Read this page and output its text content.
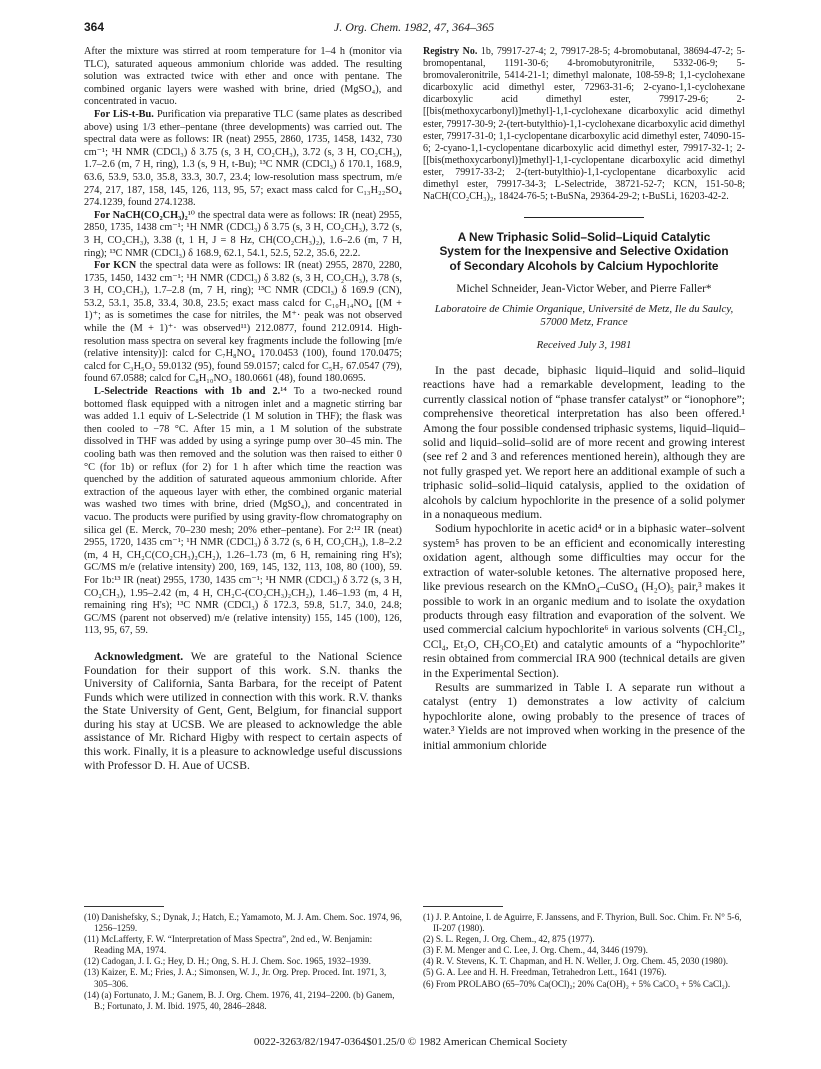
364	J. Org. Chem. 1982, 47, 364–365

After the mixture was stirred at room temperature for 1–4 h (monitor via TLC), saturated aqueous ammonium chloride was added. The resulting solution was extracted twice with ether and once with pentane. The combined organic layers were washed with brine, dried (MgSO₄), and concentrated in vacuo.

For LiS-t-Bu. Purification via preparative TLC (same plates as described above) using 1/3 ether–pentane (three developments) was carried out. The spectral data were as follows: IR (neat) 2955, 2860, 1735, 1458, 1432, 730 cm⁻¹; ¹H NMR (CDCl₃) δ 3.75 (s, 3 H, CO₂CH₃), 3.72 (s, 3 H, CO₂CH₃), 1.7–2.6 (m, 7 H, ring), 1.3 (s, 9 H, t-Bu); ¹³C NMR (CDCl₃) δ 170.1, 168.9, 63.6, 53.9, 53.0, 35.8, 33.3, 30.7, 23.4; low-resolution mass spectrum, m/e 274, 217, 187, 158, 145, 126, 113, 95, 57; exact mass calcd for C₁₃H₂₂SO₄ 274.1239, found 274.1238.

For NaCH(CO₂CH₃)₂¹⁰ the spectral data were as follows: IR (neat) 2955, 2850, 1735, 1438 cm⁻¹; ¹H NMR (CDCl₃) δ 3.75 (s, 3 H, CO₂CH₃), 3.72 (s, 3 H, CO₂CH₃), 3.38 (t, 1 H, J = 8 Hz, CH(CO₂CH₃)₂), 1.6–2.6 (m, 7 H, ring); ¹³C NMR (CDCl₃) δ 168.9, 62.1, 54.1, 52.5, 52.2, 35.6, 22.2.

For KCN the spectral data were as follows: IR (neat) 2955, 2870, 2280, 1735, 1450, 1432 cm⁻¹; ¹H NMR (CDCl₃) δ 3.82 (s, 3 H, CO₂CH₃), 3.78 (s, 3 H, CO₂CH₃), 1.7–2.8 (m, 7 H, ring); ¹³C NMR (CDCl₃) δ 169.9 (CN), 53.2, 53.1, 35.8, 33.4, 30.8, 23.5; exact mass calcd for C₁₀H₁₄NO₄ [(M + 1)⁺; as is sometimes the case for nitriles, the M⁺· peak was not observed while the (M + 1)⁺· was observed¹¹) 212.0877, found 212.0914. High-resolution mass spectra on several key fragments include the following [m/e (relative intensity)]: calcd for C₇H₈NO₄ 170.0453 (100), found 170.0475; calcd for C₃H₅O₂ 59.0132 (95), found 59.0157; calcd for C₅H₇ 67.0547 (79), found 67.0588; calcd for C₈H₁₀NO₃ 180.0661 (48), found 180.0695.

L-Selectride Reactions with 1b and 2.¹⁴ To a two-necked round bottomed flask equipped with a nitrogen inlet and a magnetic stirring bar was added 1.1 equiv of L-Selectride (1 M solution in THF); the flask was then cooled to −78 °C. After 15 min, a 1 M solution of the substrate dissolved in THF was added by using a syringe pump over 30–45 min. The cooling bath was then removed and the solution was then raised to either 0 °C (for 1b) or reflux (for 2) for 1 h after which time the reaction was quenched by the addition of saturated aqueous ammonium chloride. After extraction of the aqueous layer with ether, the combined organic material was washed two times with brine, dried (MgSO₄), and concentrated in vacuo. The products were purified by using gravity-flow chromatography on silica gel (E. Merck, 70–230 mesh; 20% ether–pentane). For 2:¹² IR (neat) 2955, 1720, 1435 cm⁻¹; ¹H NMR (CDCl₃) δ 3.72 (s, 6 H, CO₂CH₃), 1.8–2.2 (m, 4 H, CH₂C(CO₂CH₃)₂CH₂), 1.26–1.73 (m, 6 H, remaining ring H's); GC/MS m/e (relative intensity) 200, 169, 145, 132, 113, 108, 80 (100), 59. For 1b:¹³ IR (neat) 2955, 1730, 1435 cm⁻¹; ¹H NMR (CDCl₃) δ 3.72 (s, 3 H, CO₂CH₃), 1.95–2.42 (m, 4 H, CH₂C-(CO₂CH₃)₂CH₂), 1.46–1.93 (m, 4 H, remaining ring H's); ¹³C NMR (CDCl₃) δ 172.3, 59.8, 51.7, 34.0, 24.8; GC/MS (parent not observed) m/e (relative intensity) 155, 145 (100), 126, 113, 95, 67, 59.

Acknowledgment. We are grateful to the National Science Foundation for their support of this work. S.N. thanks the University of California, Santa Barbara, for the receipt of Patent Funds which were utilized in connection with this work. R.V. thanks the State University of Gent, Gent, Belgium, for financial support during his stay at UCSB. We are pleased to acknowledge the able assistance of Mr. Richard Higby with respect to certain aspects of this work. Finally, it is a pleasure to acknowledge useful discussions with Professor D. H. Aue of UCSB.

Registry No. 1b, 79917-27-4; 2, 79917-28-5; 4-bromobutanal, 38694-47-2; 5-bromopentanal, 1191-30-6; 4-bromobutyronitrile, 5332-06-9; 5-bromovaleronitrile, 5414-21-1; dimethyl malonate, 108-59-8; 1,1-cyclohexane dicarboxylic acid dimethyl ester, 72963-31-6; 2-cyano-1,1-cyclohexane dicarboxylic acid dimethyl ester, 79917-29-6; 2-[[bis(methoxycarbonyl)]methyl]-1,1-cyclohexane dicarboxylic acid dimethyl ester, 79917-30-9; 2-(tert-butylthio)-1,1-cyclohexane dicarboxylic acid dimethyl ester, 79917-31-0; 1,1-cyclopentane dicarboxylic acid dimethyl ester, 74090-15-6; 2-cyano-1,1-cyclopentane dicarboxylic acid dimethyl ester, 79917-32-1; 2-[[bis(methoxycarbonyl)]methyl]-1,1-cyclopentane dicarboxylic acid dimethyl ester, 79917-33-2; 2-(tert-butylthio)-1,1-cyclopentane dicarboxylic acid dimethyl ester, 79917-34-3; L-Selectride, 38721-52-7; KCN, 151-50-8; NaCH(CO₂CH₃)₂, 18424-76-5; t-BuSNa, 29364-29-2; t-BuSLi, 16203-42-2.

A New Triphasic Solid–Solid–Liquid Catalytic System for the Inexpensive and Selective Oxidation of Secondary Alcohols by Calcium Hypochlorite
Michel Schneider, Jean-Victor Weber, and Pierre Faller*
Laboratoire de Chimie Organique, Université de Metz, Ile du Saulcy, 57000 Metz, France
Received July 3, 1981

In the past decade, biphasic liquid–liquid and solid–liquid reactions have had a remarkable development, leading to the currently classical notion of “phase transfer catalyst” or “ionophore”; comprehensive theoretical interpretation has also been offered.¹ Among the four possible condensed triphasic systems, liquid–liquid–solid and liquid–solid–solid are of more recent and growing interest (see ref 2 and 3 and references mentioned herein), although they are not fully grasped yet. We report here an additional example of such a triphasic solid–solid–liquid catalysis, applied to the oxidation of alcohols by calcium hypochlorite in the presence of a solid polymer in a nonaqueous medium.

Sodium hypochlorite in acetic acid⁴ or in a biphasic water–solvent system⁵ has proven to be an efficient and economically interesting oxidation agent, although some difficulties may occur for the extraction of water-soluble ketones. The alternative proposed here, like previous research on the KMnO₄–CuSO₄ (H₂O)₅ pair,³ makes it possible to work in an organic medium and to isolate the oxydation products through easy filtration and evaporation of the solvent. We used commercial calcium hypochlorite⁶ in various solvents (CH₂Cl₂, CCl₄, Et₂O, CH₃CO₂Et) and catalytic amounts of a “hypochlorite” resin obtained from commercial IRA 900 (technical details are given in the Experimental Section).

Results are summarized in Table I. A separate run without a catalyst (entry 1) demonstrates a low activity of calcium hypochlorite alone, owing probably to the presence of traces of water.³ Yields are not improved when working in the presence of the initial ammonium chloride

(10) Danishefsky, S.; Dynak, J.; Hatch, E.; Yamamoto, M. J. Am. Chem. Soc. 1974, 96, 1256–1259.
(11) McLafferty, F. W. “Interpretation of Mass Spectra”, 2nd ed., W. Benjamin: Reading MA, 1974.
(12) Cadogan, J. I. G.; Hey, D. H.; Ong, S. H. J. Chem. Soc. 1965, 1932–1939.
(13) Kaizer, E. M.; Fries, J. A.; Simonsen, W. J., Jr. Org. Prep. Proced. Int. 1971, 3, 305–306.
(14) (a) Fortunato, J. M.; Ganem, B. J. Org. Chem. 1976, 41, 2194–2200. (b) Ganem, B.; Fortunato, J. M. Ibid. 1975, 40, 2846–2848.
(1) J. P. Antoine, I. de Aguirre, F. Janssens, and F. Thyrion, Bull. Soc. Chim. Fr. N° 5-6, II-207 (1980).
(2) S. L. Regen, J. Org. Chem., 42, 875 (1977).
(3) F. M. Menger and C. Lee, J. Org. Chem., 44, 3446 (1979).
(4) R. V. Stevens, K. T. Chapman, and H. N. Weller, J. Org. Chem. 45, 2030 (1980).
(5) G. A. Lee and H. H. Freedman, Tetrahedron Lett., 1641 (1976).
(6) From PROLABO (65–70% Ca(OCl)₂; 20% Ca(OH)₂ + 5% CaCO₃ + 5% CaCl₂).
0022-3263/82/1947-0364$01.25/0 © 1982 American Chemical Society
